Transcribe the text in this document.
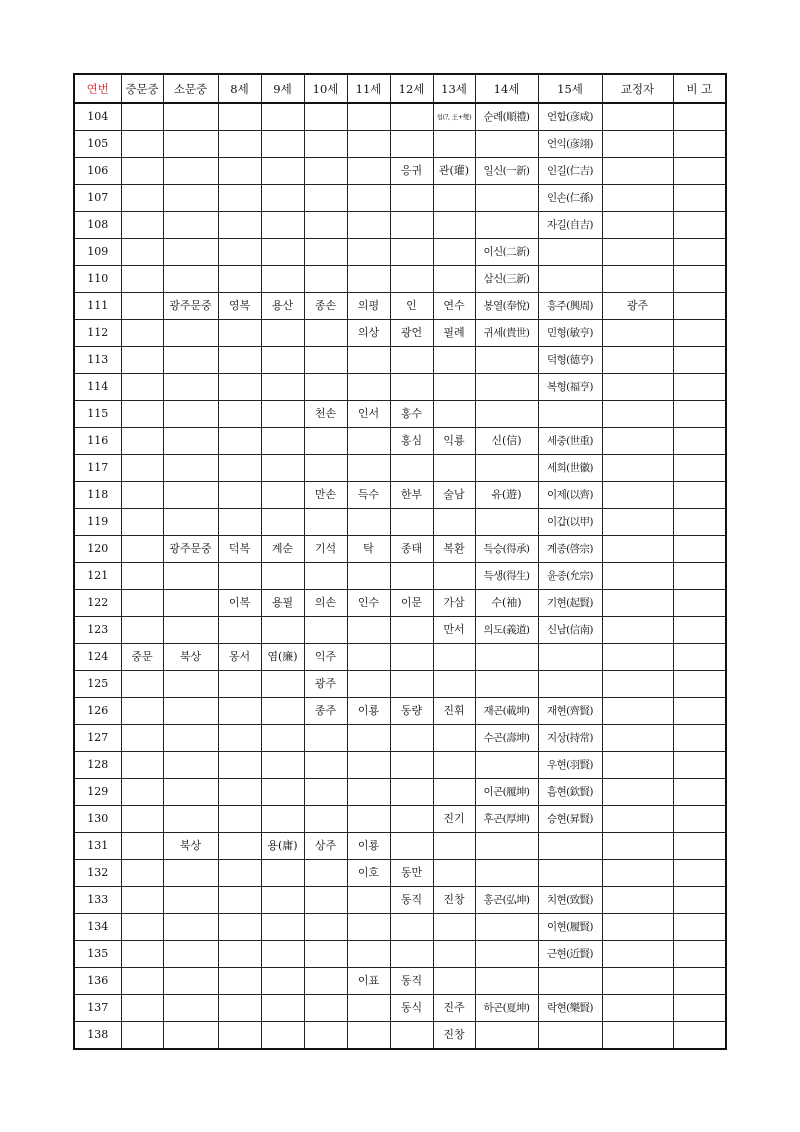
연번	중문중	소문중	8세	9세	10세	11세	12세	13세	14세	15세	교정자	비 고
104								섭(?, 王+燮)	순례(順禮)	언합(彦咸)		
105										언익(彦翊)		
106							응귀	관(瓘)	일신(一新)	인길(仁吉)		
107										인손(仁孫)		
108										자길(自吉)		
109									이신(二新)			
110									삼신(三新)			
111		광주문중	영복	용산	종손	의평	인	연수	봉열(奉悅)	흥주(興周)	광주	
112						의상	광언	필례	귀세(貴世)	민형(敏亨)		
113										덕형(德亨)		
114										복형(福亨)		
115					천손	인서	홍수					
116							홍심	익룡	신(信)	세중(世重)		
117										세희(世徽)		
118					만손	득수	한부	술남	유(遊)	이제(以齊)		
119										이갑(以甲)		
120		광주문중	덕복	계순	기석	탁	종태	복환	득승(得承)	계종(啓宗)		
121									득생(得生)	윤종(允宗)		
122			이복	용필	의손	인수	이문	가삼	수(袖)	기현(起賢)		
123								만서	의도(義道)	신남(信南)		
124	중문	북상	몽서	염(廉)	익주							
125					광주							
126					종주	이룡	동량	진휘	재곤(載坤)	재현(齊賢)		
127									수곤(壽坤)	지상(持常)		
128										우현(羽賢)		
129									이곤(履坤)	흠현(欽賢)		
130								진기	후곤(厚坤)	승현(昇賢)		
131		북상		용(庸)	상주	이룡						
132						이호	동만					
133							동직	진창	홍곤(弘坤)	치현(致賢)		
134										이현(履賢)		
135										근현(近賢)		
136						이표	동직					
137							동식	진주	하곤(夏坤)	락현(樂賢)		
138								진창				
